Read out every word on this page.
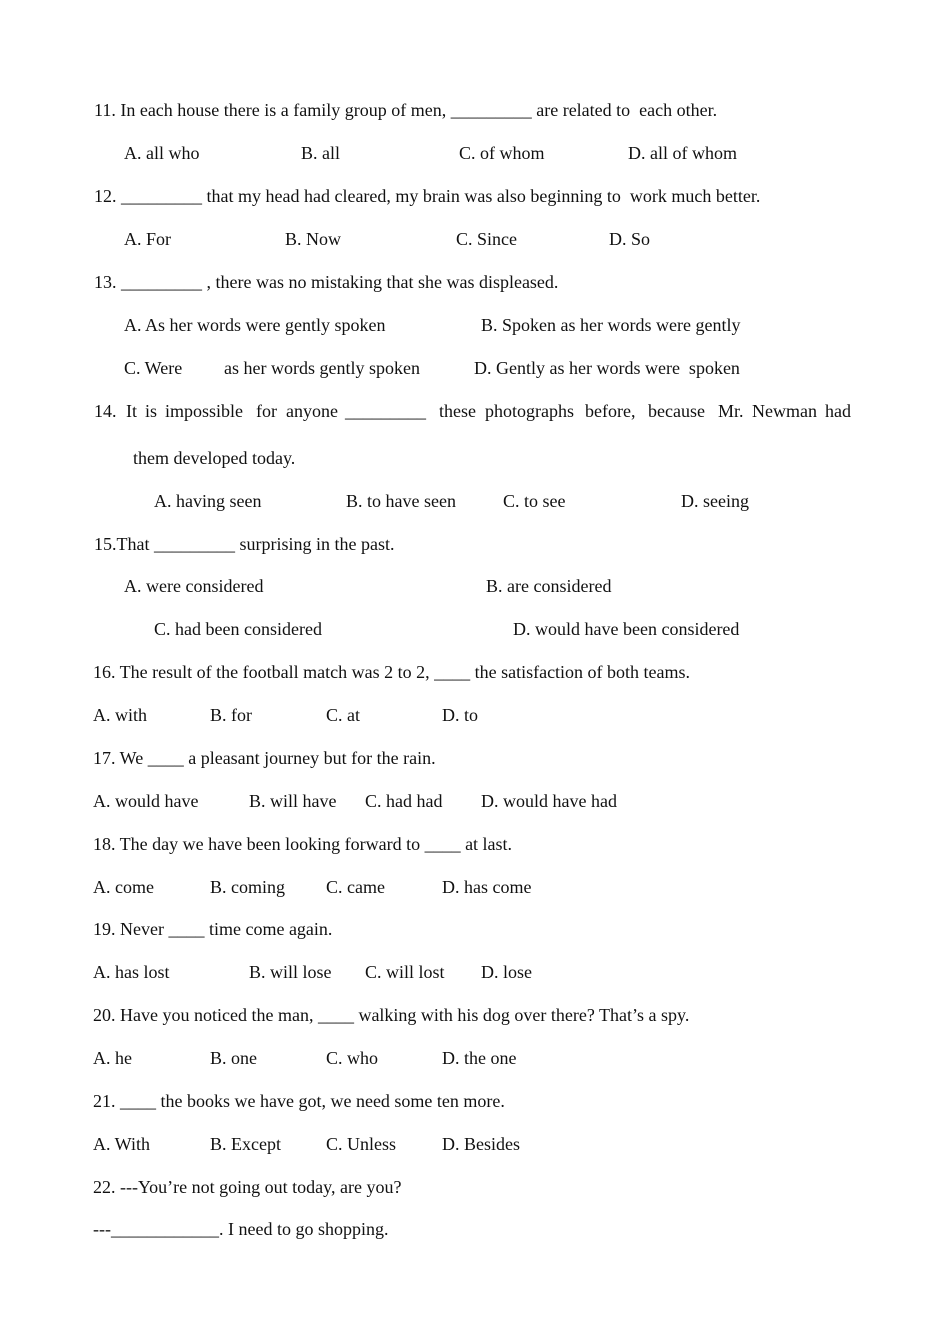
11. In each house there is a family group of men, _________ are related to  each other.
A. all who	B. all	C. of whom	D. all of whom
12. _________ that my head had cleared, my brain was also beginning to  work much better.
A. For	B. Now	C. Since	D. So
13. _________ , there was no mistaking that she was displeased.
A. As her words were gently spoken	B. Spoken as her words were gently
C. Were as her words gently spoken	D. Gently as her words were  spoken
14. It is impossible for anyone _________ these photographs before, because Mr. Newman had
them developed today.
A. having seen	B. to have seen	C. to see	D. seeing
15.That _________ surprising in the past.
A. were considered	B. are considered
C. had been considered	D. would have been considered
16. The result of the football match was 2 to 2, ____ the satisfaction of both teams.
A. with	B. for	C. at	D. to
17. We ____ a pleasant journey but for the rain.
A. would have	B. will have C. had had D. would have had
18. The day we have been looking forward to ____ at last.
A. come	B. coming C. came	D. has come
19. Never ____ time come again.
A. has lost	B. will lose C. will lost D. lose
20. Have you noticed the man, ____ walking with his dog over there? That’s a spy.
A. he	B. one	C. who	D. the one
21. ____ the books we have got, we need some ten more.
A. With	B. Except	C. Unless	D. Besides
22. ---You’re not going out today, are you?
---____________. I need to go shopping.
